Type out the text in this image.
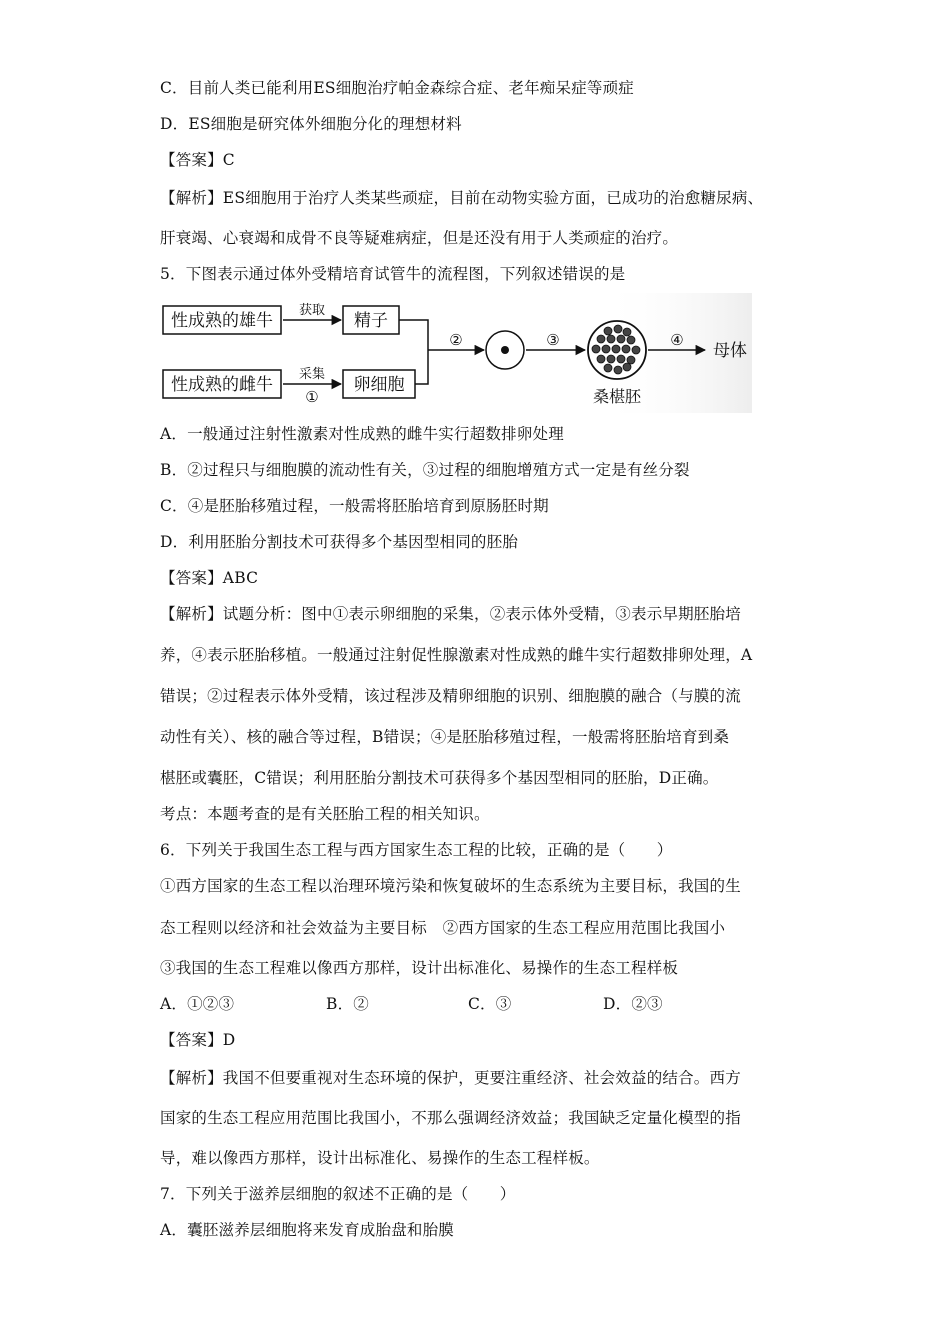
C．目前人类已能利用ES细胞治疗帕金森综合症、老年痴呆症等顽症
D．ES细胞是研究体外细胞分化的理想材料
【答案】C
【解析】ES细胞用于治疗人类某些顽症，目前在动物实验方面，已成功的治愈糖尿病、
肝衰竭、心衰竭和成骨不良等疑难病症，但是还没有用于人类顽症的治疗。
5．下图表示通过体外受精培育试管牛的流程图，下列叙述错误的是
性成熟的雄牛
性成熟的雌牛
获取
采集
①
精子
卵细胞
②	③
桑椹胚
④
母体
A．一般通过注射性激素对性成熟的雌牛实行超数排卵处理
B．②过程只与细胞膜的流动性有关，③过程的细胞增殖方式一定是有丝分裂
C．④是胚胎移殖过程，一般需将胚胎培育到原肠胚时期
D．利用胚胎分割技术可获得多个基因型相同的胚胎
【答案】ABC
【解析】试题分析：图中①表示卵细胞的采集，②表示体外受精，③表示早期胚胎培
养，④表示胚胎移植。一般通过注射促性腺激素对性成熟的雌牛实行超数排卵处理，A
错误；②过程表示体外受精，该过程涉及精卵细胞的识别、细胞膜的融合（与膜的流
动性有关）、核的融合等过程，B错误；④是胚胎移殖过程，一般需将胚胎培育到桑
椹胚或囊胚，C错误；利用胚胎分割技术可获得多个基因型相同的胚胎，D正确。
考点：本题考查的是有关胚胎工程的相关知识。
6．下列关于我国生态工程与西方国家生态工程的比较，正确的是（　　）
①西方国家的生态工程以治理环境污染和恢复破坏的生态系统为主要目标，我国的生
态工程则以经济和社会效益为主要目标　②西方国家的生态工程应用范围比我国小
③我国的生态工程难以像西方那样，设计出标准化、易操作的生态工程样板
A．①②③	B．②	C．③	D．②③
【答案】D
【解析】我国不但要重视对生态环境的保护，更要注重经济、社会效益的结合。西方
国家的生态工程应用范围比我国小，不那么强调经济效益；我国缺乏定量化模型的指
导，难以像西方那样，设计出标准化、易操作的生态工程样板。
7．下列关于滋养层细胞的叙述不正确的是（　　）
A．囊胚滋养层细胞将来发育成胎盘和胎膜
